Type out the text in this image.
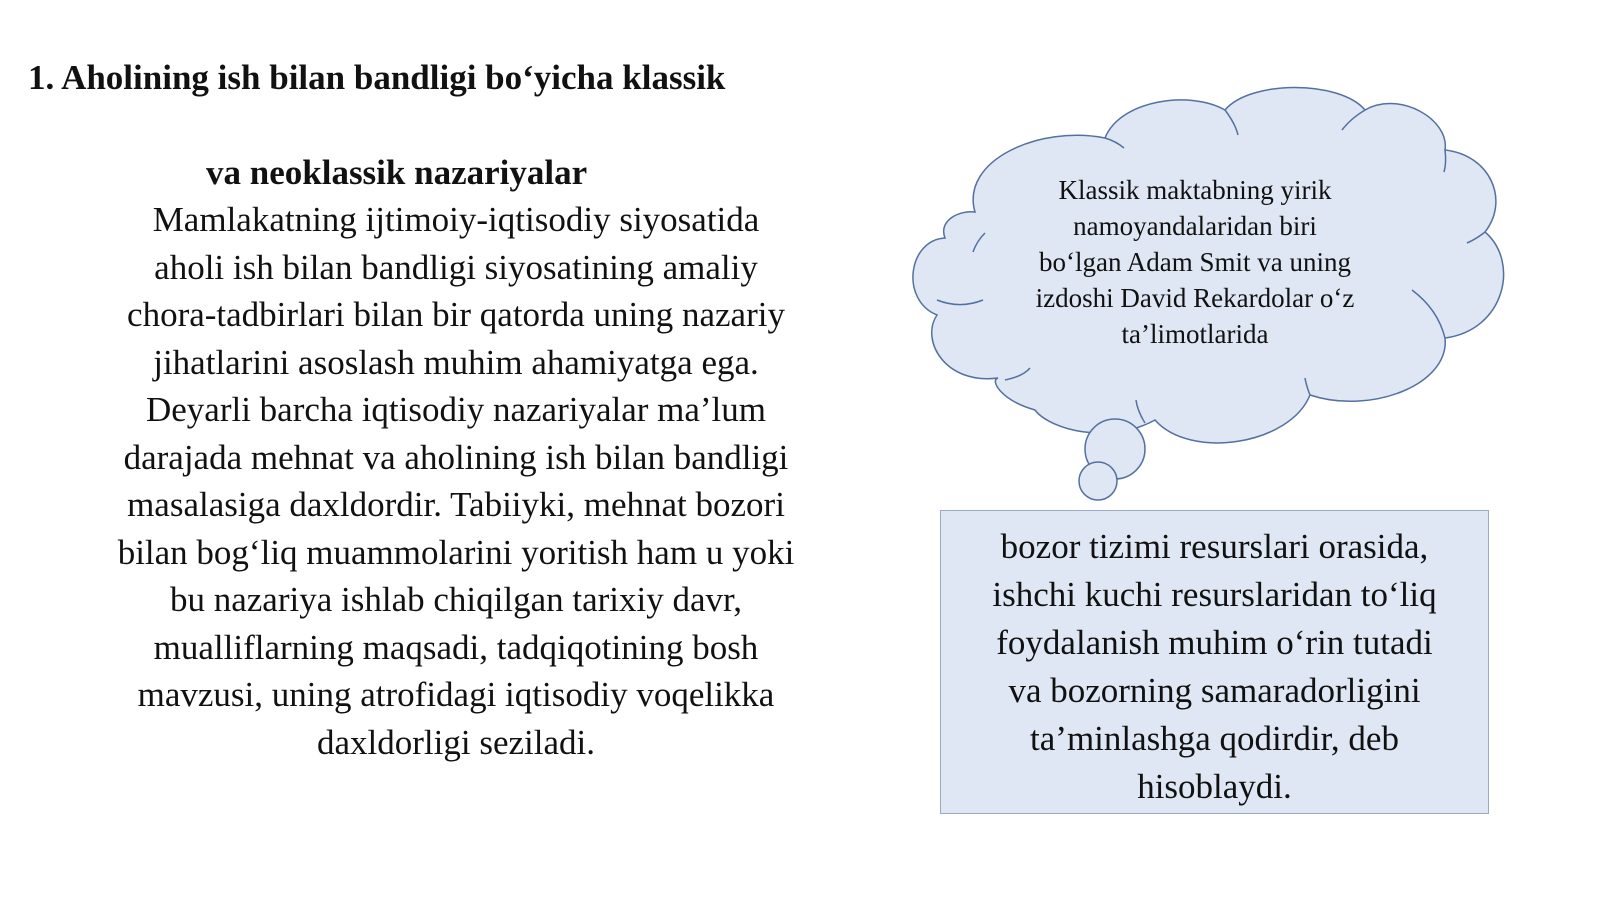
1. Aholining ish bilan bandligi bo‘yicha klassik
va neoklassik nazariyalar
Mamlakatning ijtimoiy-iqtisodiy siyosatida
aholi ish bilan bandligi siyosatining amaliy
chora-tadbirlari bilan bir qatorda uning nazariy
jihatlarini asoslash muhim ahamiyatga ega.
Deyarli barcha iqtisodiy nazariyalar ma’lum
darajada mehnat va aholining ish bilan bandligi
masalasiga daxldordir. Tabiiyki, mehnat bozori
bilan bog‘liq muammolarini yoritish ham u yoki
bu nazariya ishlab chiqilgan tarixiy davr,
mualliflarning maqsadi, tadqiqotining bosh
mavzusi, uning atrofidagi iqtisodiy voqelikka
daxldorligi seziladi.
Klassik maktabning yirik
namoyandalaridan biri
bo‘lgan Adam Smit va uning
izdoshi David Rekardolar o‘z
ta’limotlarida
bozor tizimi resurslari orasida,
ishchi kuchi resurslaridan to‘liq
foydalanish muhim o‘rin tutadi
va bozorning samaradorligini
ta’minlashga qodirdir, deb
hisoblaydi.
